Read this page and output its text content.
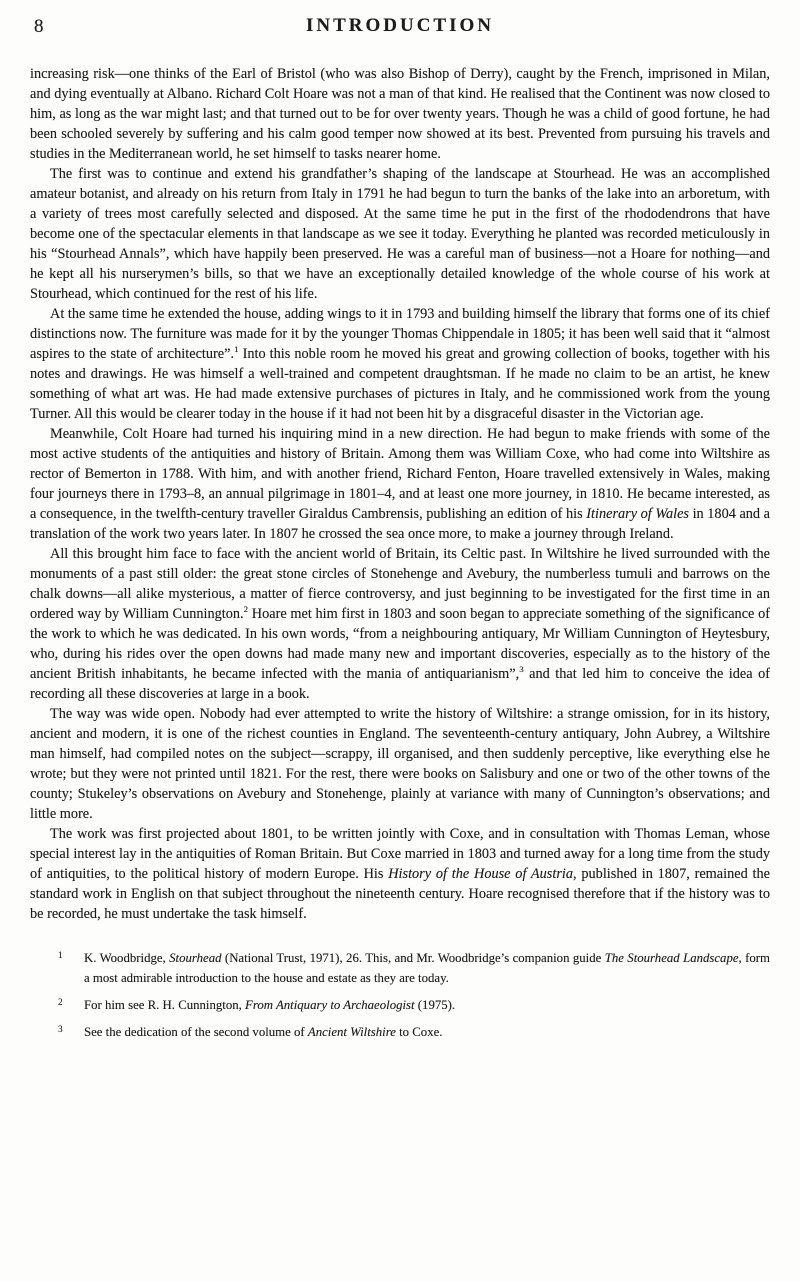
8	INTRODUCTION

increasing risk—one thinks of the Earl of Bristol (who was also Bishop of Derry), caught by the French, imprisoned in Milan, and dying eventually at Albano. Richard Colt Hoare was not a man of that kind. He realised that the Continent was now closed to him, as long as the war might last; and that turned out to be for over twenty years. Though he was a child of good fortune, he had been schooled severely by suffering and his calm good temper now showed at its best. Prevented from pursuing his travels and studies in the Mediterranean world, he set himself to tasks nearer home.

The first was to continue and extend his grandfather’s shaping of the landscape at Stourhead. He was an accomplished amateur botanist, and already on his return from Italy in 1791 he had begun to turn the banks of the lake into an arboretum, with a variety of trees most carefully selected and disposed. At the same time he put in the first of the rhododendrons that have become one of the spectacular elements in that landscape as we see it today. Everything he planted was recorded meticulously in his “Stourhead Annals”, which have happily been preserved. He was a careful man of business—not a Hoare for nothing—and he kept all his nurserymen’s bills, so that we have an exceptionally detailed knowledge of the whole course of his work at Stourhead, which continued for the rest of his life.

At the same time he extended the house, adding wings to it in 1793 and building himself the library that forms one of its chief distinctions now. The furniture was made for it by the younger Thomas Chippendale in 1805; it has been well said that it “almost aspires to the state of architecture”.$^1$ Into this noble room he moved his great and growing collection of books, together with his notes and drawings. He was himself a well-trained and competent draughtsman. If he made no claim to be an artist, he knew something of what art was. He had made extensive purchases of pictures in Italy, and he commissioned work from the young Turner. All this would be clearer today in the house if it had not been hit by a disgraceful disaster in the Victorian age.

Meanwhile, Colt Hoare had turned his inquiring mind in a new direction. He had begun to make friends with some of the most active students of the antiquities and history of Britain. Among them was William Coxe, who had come into Wiltshire as rector of Bemerton in 1788. With him, and with another friend, Richard Fenton, Hoare travelled extensively in Wales, making four journeys there in 1793–8, an annual pilgrimage in 1801–4, and at least one more journey, in 1810. He became interested, as a consequence, in the twelfth-century traveller Giraldus Cambrensis, publishing an edition of his Itinerary of Wales in 1804 and a translation of the work two years later. In 1807 he crossed the sea once more, to make a journey through Ireland.

All this brought him face to face with the ancient world of Britain, its Celtic past. In Wiltshire he lived surrounded with the monuments of a past still older: the great stone circles of Stonehenge and Avebury, the numberless tumuli and barrows on the chalk downs—all alike mysterious, a matter of fierce controversy, and just beginning to be investigated for the first time in an ordered way by William Cunnington.$^2$ Hoare met him first in 1803 and soon began to appreciate something of the significance of the work to which he was dedicated. In his own words, “from a neighbouring antiquary, Mr William Cunnington of Heytesbury, who, during his rides over the open downs had made many new and important discoveries, especially as to the history of the ancient British inhabitants, he became infected with the mania of antiquarianism”,$^3$ and that led him to conceive the idea of recording all these discoveries at large in a book.

The way was wide open. Nobody had ever attempted to write the history of Wiltshire: a strange omission, for in its history, ancient and modern, it is one of the richest counties in England. The seventeenth-century antiquary, John Aubrey, a Wiltshire man himself, had compiled notes on the subject—scrappy, ill organised, and then suddenly perceptive, like everything else he wrote; but they were not printed until 1821. For the rest, there were books on Salisbury and one or two of the other towns of the county; Stukeley’s observations on Avebury and Stonehenge, plainly at variance with many of Cunnington’s observations; and little more.

The work was first projected about 1801, to be written jointly with Coxe, and in consultation with Thomas Leman, whose special interest lay in the antiquities of Roman Britain. But Coxe married in 1803 and turned away for a long time from the study of antiquities, to the political history of modern Europe. His History of the House of Austria, published in 1807, remained the standard work in English on that subject throughout the nineteenth century. Hoare recognised therefore that if the history was to be recorded, he must undertake the task himself.

1	K. Woodbridge, Stourhead (National Trust, 1971), 26. This, and Mr. Woodbridge’s companion guide The Stourhead Landscape, form a most admirable introduction to the house and estate as they are today.
2	For him see R. H. Cunnington, From Antiquary to Archaeologist (1975).
3	See the dedication of the second volume of Ancient Wiltshire to Coxe.
